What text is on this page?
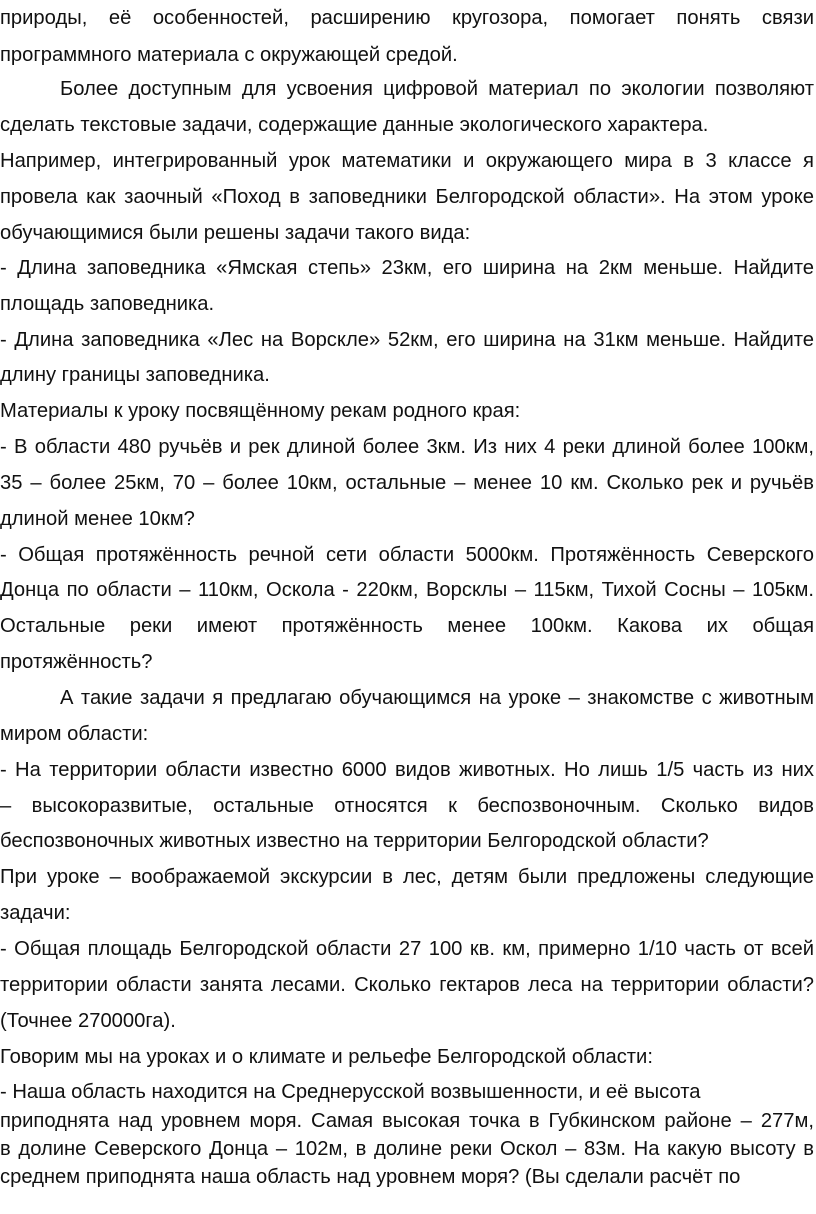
природы, её особенностей, расширению кругозора, помогает понять связи
программного материала с окружающей средой.
Более доступным для усвоения цифровой материал по экологии позволяют
сделать текстовые задачи, содержащие данные экологического характера.
Например, интегрированный урок математики и окружающего мира в 3 классе я
провела как заочный «Поход в заповедники Белгородской области». На этом уроке
обучающимися были решены задачи такого вида:
- Длина заповедника «Ямская степь» 23км, его ширина на 2км меньше. Найдите
площадь заповедника.
- Длина заповедника «Лес на Ворскле» 52км, его ширина на 31км меньше. Найдите
длину границы заповедника.
Материалы к уроку посвящённому рекам родного края:
- В области 480 ручьёв и рек длиной более 3км. Из них 4 реки длиной более 100км,
35 – более 25км, 70 – более 10км, остальные – менее 10 км. Сколько рек и ручьёв
длиной менее 10км?
- Общая протяжённость речной сети области 5000км. Протяжённость Северского
Донца по области – 110км, Оскола - 220км, Ворсклы – 115км, Тихой Сосны – 105км.
Остальные реки имеют протяжённость менее 100км. Какова их общая
протяжённость?
А такие задачи я предлагаю обучающимся на уроке – знакомстве с животным
миром области:
- На территории области известно 6000 видов животных. Но лишь 1/5 часть из них
– высокоразвитые, остальные относятся к беспозвоночным. Сколько видов
беспозвоночных животных известно на территории Белгородской области?
При уроке – воображаемой экскурсии в лес, детям были предложены следующие
задачи:
- Общая площадь Белгородской области 27 100 кв. км, примерно 1/10 часть от всей
территории области занята лесами. Сколько гектаров леса на территории области?
(Точнее 270000га).
Говорим мы на уроках и о климате и рельефе Белгородской области:
- Наша область находится на Среднерусской возвышенности, и её высота
приподнята над уровнем моря. Самая высокая точка в Губкинском районе – 277м,
в долине Северского Донца – 102м, в долине реки Оскол – 83м. На какую высоту в
среднем приподнята наша область над уровнем моря? (Вы сделали расчёт по
